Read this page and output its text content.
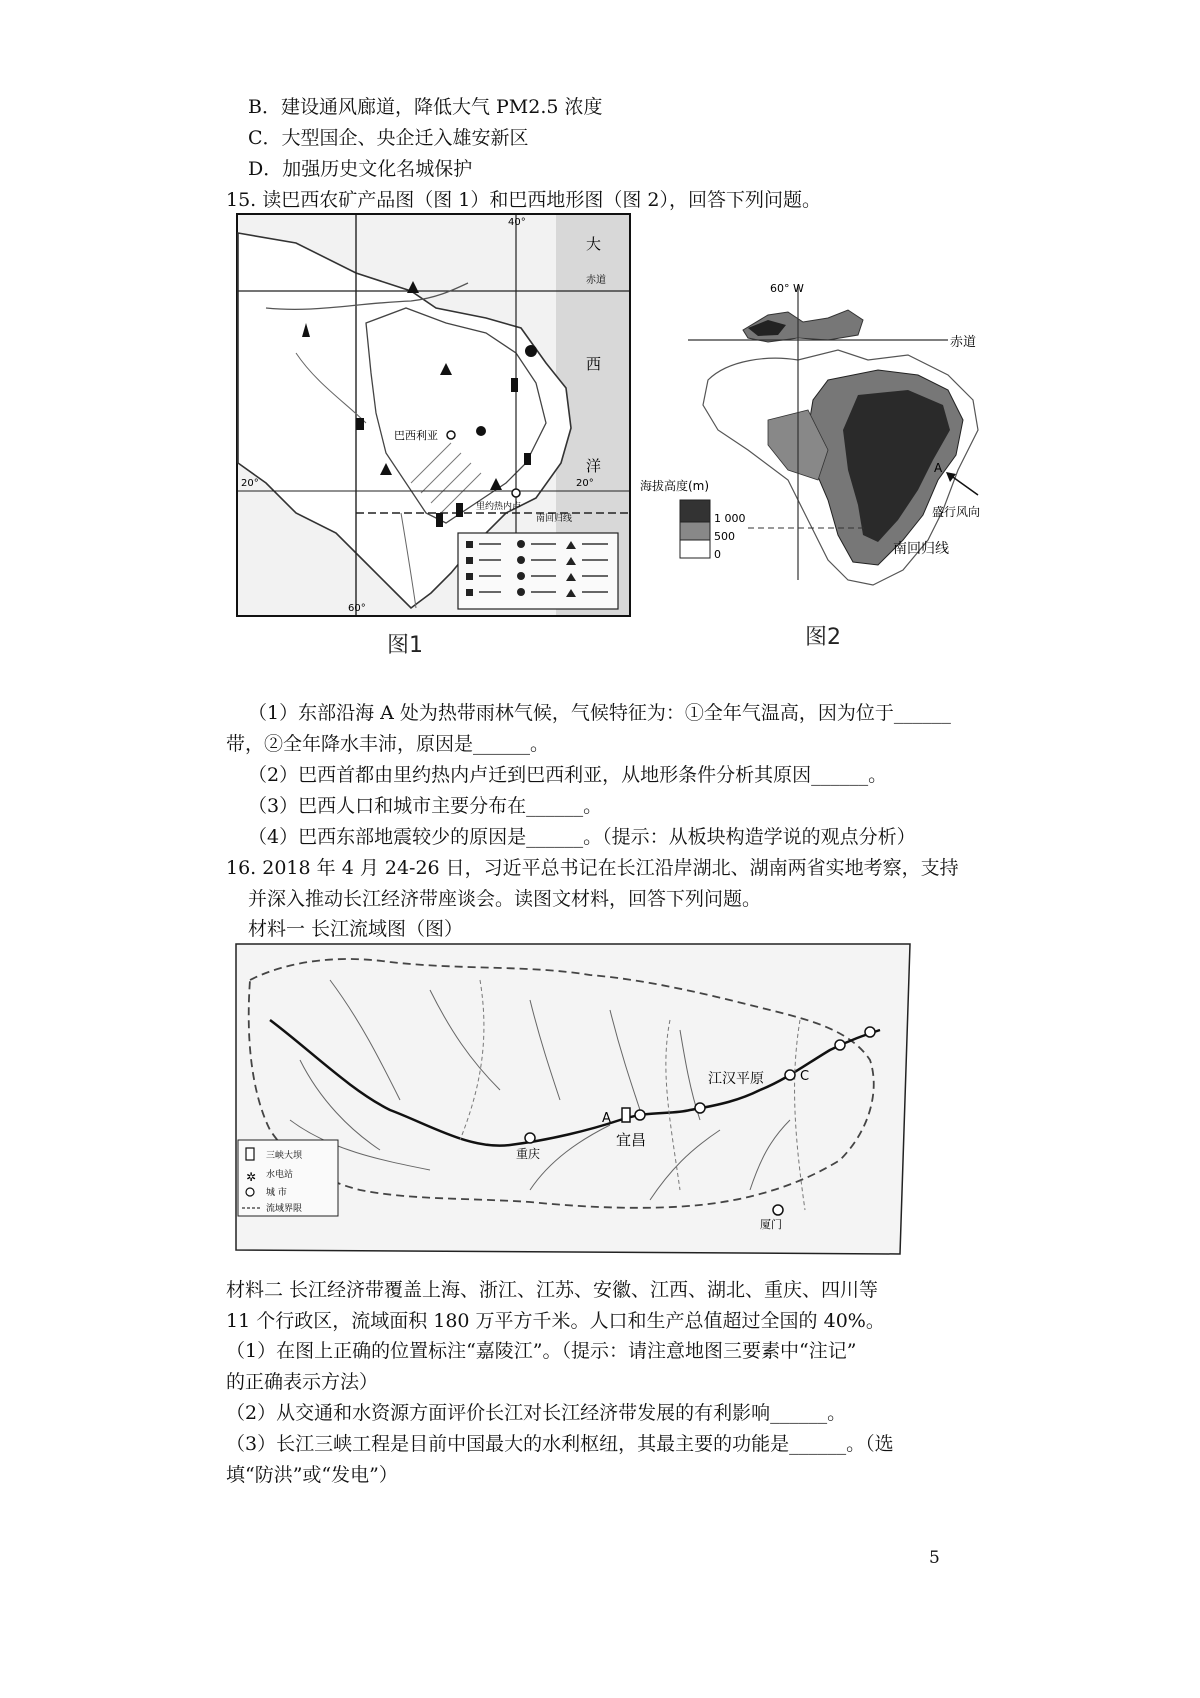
B．建设通风廊道，降低大气 PM2.5 浓度
C．大型国企、央企迁入雄安新区
D．加强历史文化名城保护
15. 读巴西农矿产品图（图 1）和巴西地形图（图 2），回答下列问题。
大
西
洋
赤道
20°	20°
60°
40°
巴西利亚
里约热内卢
南回归线
图1
60° W
赤道
海拔高度(m)
1 000
500
0
A
盛行风向
南回归线
图2
（1）东部沿海 A 处为热带雨林气候，气候特征为：①全年气温高，因为位于______
带，②全年降水丰沛，原因是______。
（2）巴西首都由里约热内卢迁到巴西利亚，从地形条件分析其原因______。
（3）巴西人口和城市主要分布在______。
（4）巴西东部地震较少的原因是______。（提示：从板块构造学说的观点分析）
16. 2018 年 4 月 24-26 日，习近平总书记在长江沿岸湖北、湖南两省实地考察，支持
并深入推动长江经济带座谈会。读图文材料，回答下列问题。
材料一 长江流域图（图）
✲
三峡大坝
水电站
城 市
流域界限
江汉平原
宜昌
重庆
厦门
A
C
材料二 长江经济带覆盖上海、浙江、江苏、安徽、江西、湖北、重庆、四川等
11 个行政区，流域面积 180 万平方千米。人口和生产总值超过全国的 40%。
（1）在图上正确的位置标注“嘉陵江”。（提示：请注意地图三要素中“注记”
的正确表示方法）
（2）从交通和水资源方面评价长江对长江经济带发展的有利影响______。
（3）长江三峡工程是目前中国最大的水利枢纽，其最主要的功能是______。（选
填“防洪”或“发电”）
5
